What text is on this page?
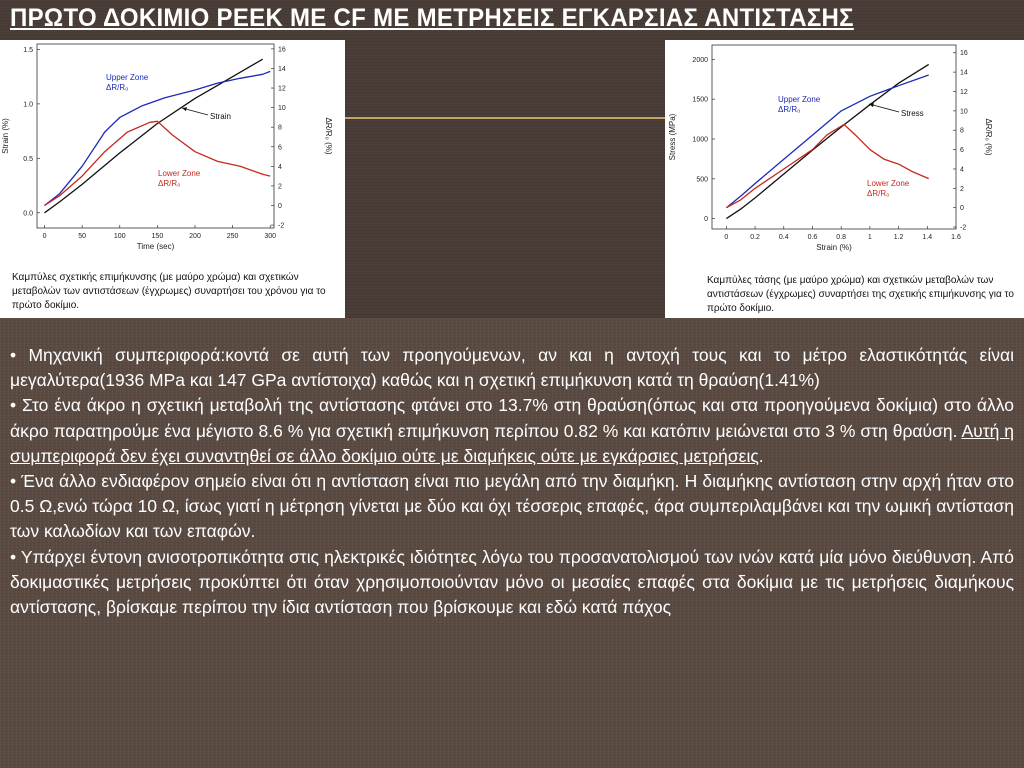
ΠΡΩΤΟ ΔΟΚΙΜΙΟ PEEK ΜΕ CF ΜΕ ΜΕΤΡΗΣΕΙΣ ΕΓΚΑΡΣΙΑΣ ΑΝΤΙΣΤΑΣΗΣ
0	50	100	150	200	250	300
0.0
0.5
1.0
1.5
-2
0
2
4
6
8
10
12
14
16
Time (sec)
Strain (%)	ΔR/R₀ (%)
Upper Zone
ΔR/R₀
Strain
Lower Zone
ΔR/R₀
Καμπύλες σχετικής επιμήκυνσης (με μαύρο χρώμα) και σχετικών μεταβολών των αντιστάσεων (έγχρωμες) συναρτήσει του χρόνου για το πρώτο δοκίμιο.
0	0.2	0.4	0.6	0.8	1	1.2	1.4	1.6
0
500
1000
1500
2000
-2
0
2
4
6
8
10
12
14
16
Strain (%)
Stress (MPa)	ΔR/R₀ (%)
Upper Zone
ΔR/R₀	Stress
Lower Zone
ΔR/R₀
Καμπύλες τάσης (με μαύρο χρώμα) και σχετικών μεταβολών των αντιστάσεων (έγχρωμες) συναρτήσει της σχετικής επιμήκυνσης για το πρώτο δοκίμιο.

• Μηχανική συμπεριφορά:κοντά σε αυτή των προηγούμενων, αν και η αντοχή τους και το μέτρο ελαστικότητάς είναι μεγαλύτερα(1936 MPa και 147 GPa αντίστοιχα) καθώς και η σχετική επιμήκυνση κατά τη θραύση(1.41%)

• Στο ένα άκρο η σχετική μεταβολή της αντίστασης φτάνει στο 13.7% στη θραύση(όπως και στα προηγούμενα δοκίμια) στο άλλο άκρο παρατηρούμε ένα μέγιστο 8.6 % για σχετική επιμήκυνση περίπου 0.82 % και κατόπιν μειώνεται στο 3 % στη θραύση. Αυτή η συμπεριφορά δεν έχει συναντηθεί σε άλλο δοκίμιο ούτε με διαμήκεις ούτε με εγκάρσιες μετρήσεις.

• Ένα άλλο ενδιαφέρον σημείο είναι ότι η αντίσταση είναι πιο μεγάλη από την διαμήκη. Η διαμήκης αντίσταση στην αρχή ήταν στο 0.5 Ω,ενώ τώρα 10 Ω, ίσως γιατί η μέτρηση γίνεται με δύο και όχι τέσσερις επαφές, άρα συμπεριλαμβάνει και την ωμική αντίσταση των καλωδίων και των επαφών.

• Υπάρχει έντονη ανισοτροπικότητα στις ηλεκτρικές ιδιότητες λόγω του προσανατολισμού των ινών κατά μία μόνο διεύθυνση. Από δοκιμαστικές μετρήσεις προκύπτει ότι όταν χρησιμοποιούνταν μόνο οι μεσαίες επαφές στα δοκίμια με τις μετρήσεις διαμήκους αντίστασης, βρίσκαμε περίπου την ίδια αντίσταση που βρίσκουμε και εδώ κατά πάχος
